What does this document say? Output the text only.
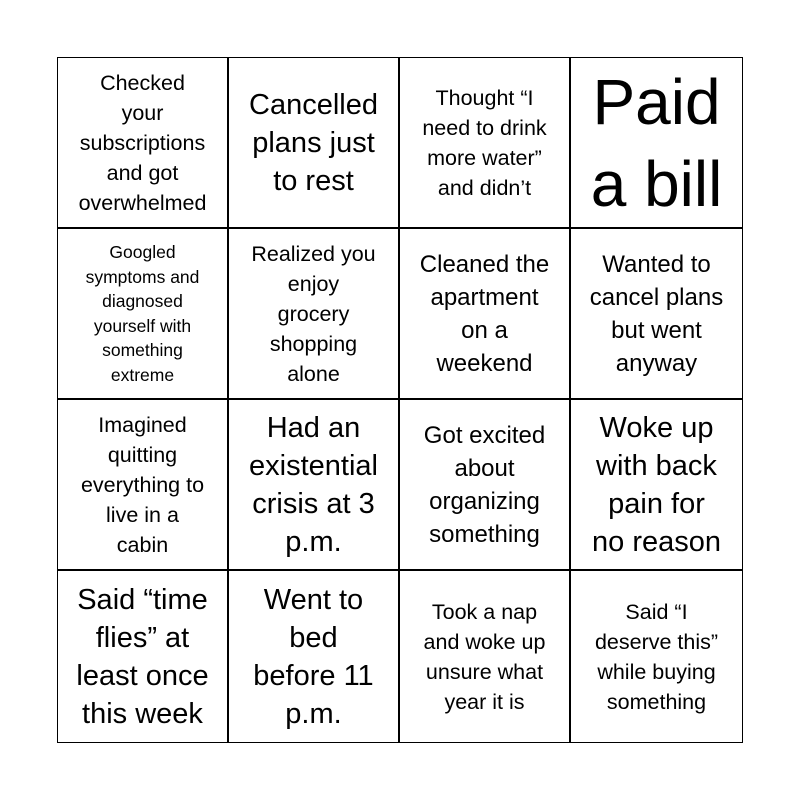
Checked
your
subscriptions
and got
overwhelmed
Cancelled
plans just
to rest
Thought “I
need to drink
more water”
and didn’t
Paid
a bill
Googled
symptoms and
diagnosed
yourself with
something
extreme
Realized you
enjoy
grocery
shopping
alone
Cleaned the
apartment
on a
weekend
Wanted to
cancel plans
but went
anyway
Imagined
quitting
everything to
live in a
cabin
Had an
existential
crisis at 3
p.m.
Got excited
about
organizing
something
Woke up
with back
pain for
no reason
Said “time
flies” at
least once
this week
Went to
bed
before 11
p.m.
Took a nap
and woke up
unsure what
year it is
Said “I
deserve this”
while buying
something
